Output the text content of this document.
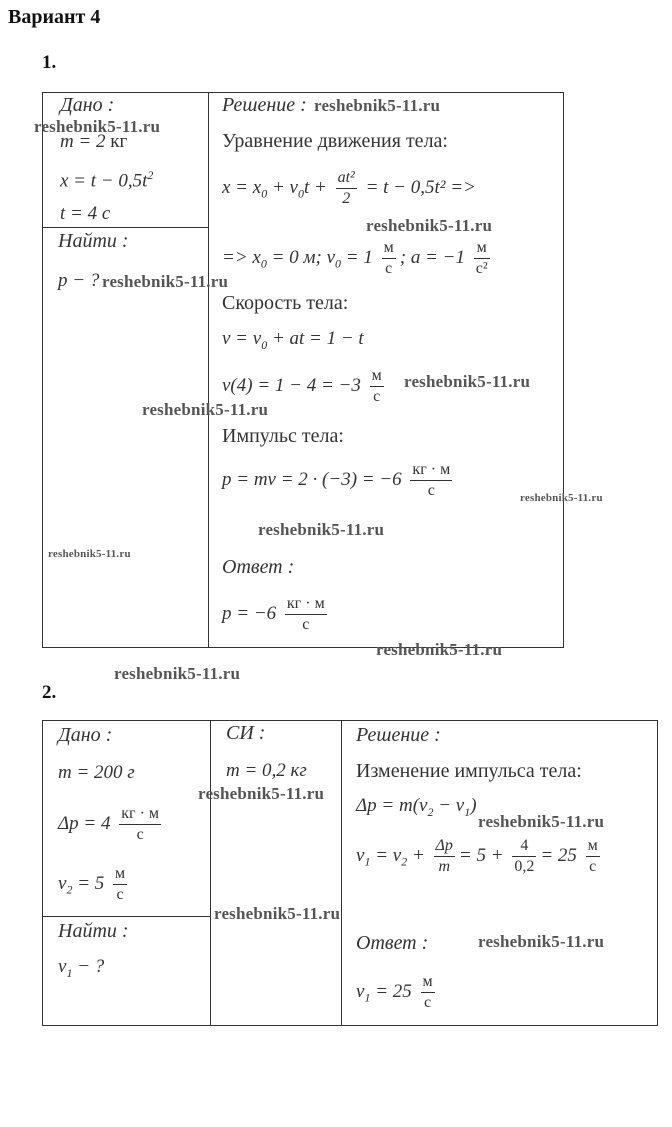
Вариант 4
1.
Дано :
m = 2 кг
$x = t - 0,5t^2$
t = 4 c
Найти :
p − ?
Решение :
Уравнение движения тела:
$x = x_0 + v_0t + \frac{\text{at²}}{2} = t - 0,5t^2$ =>
=> $x_0 = 0$ м; $v_0 = 1 \frac{м}{c}$ ; $a = -1 \frac{м}{\text{c²}}$
Скорость тела:
$v = v_0$ + at = 1 − t
$v(4) = 1 - 4 = -3 \frac{м}{c}$
Импульс тела:
p = mv = $2 \cdot (-3) = -6 \frac{кг \cdot м}{c}$
Ответ :
$p = -6 \frac{кг \cdot м}{c}$
2.
Дано :
m = 200 г
$\Delta p = 4 \frac{кг \cdot м}{c}$
$v_2 = 5 \frac{м}{c}$
Найти :
$v_1$ − ?
СИ :
m = 0,2 кг
Решение :
Изменение импульса тела:
$\Delta p = m(v_2 - v_1)$
$v_1 = v_2 + \frac{\Delta p}{m} = 5 + \frac{4}{0,2} = 25 \frac{м}{c}$
Ответ :
$v_1 = 25 \frac{м}{c}$
reshebnik5-11.ru
reshebnik5-11.ru
reshebnik5-11.ru
reshebnik5-11.ru
reshebnik5-11.ru
reshebnik5-11.ru
reshebnik5-11.ru
reshebnik5-11.ru
reshebnik5-11.ru
reshebnik5-11.ru
reshebnik5-11.ru
reshebnik5-11.ru
reshebnik5-11.ru
reshebnik5-11.ru
reshebnik5-11.ru
